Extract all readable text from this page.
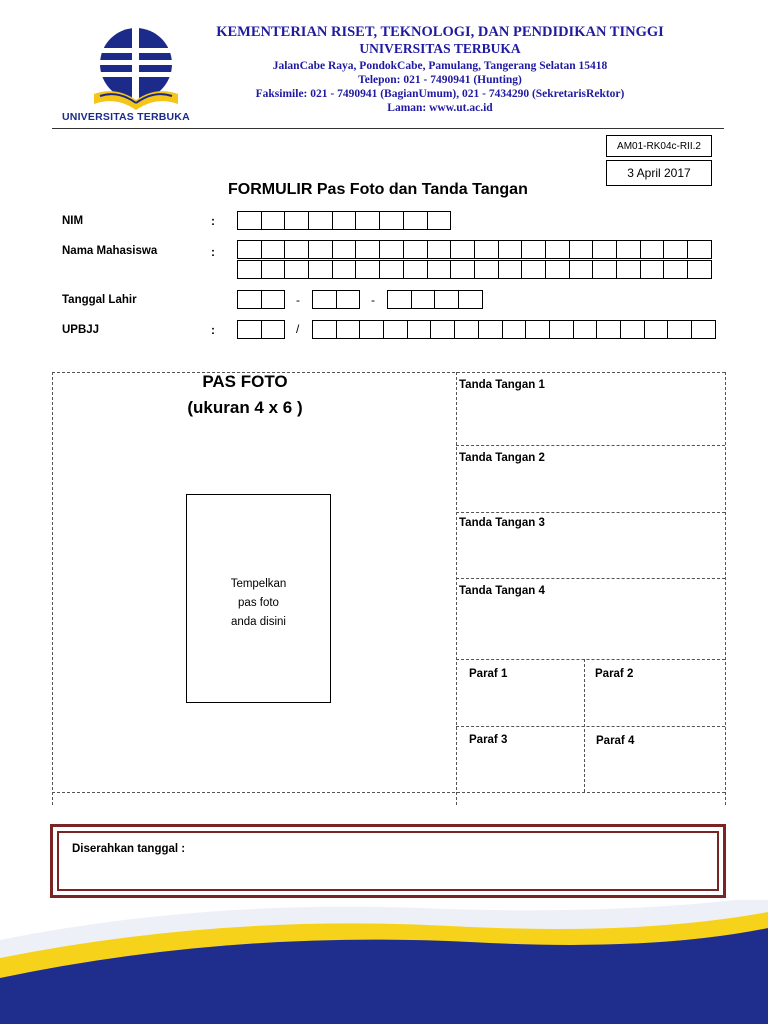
UNIVERSITAS TERBUKA
KEMENTERIAN RISET, TEKNOLOGI, DAN PENDIDIKAN TINGGI
UNIVERSITAS TERBUKA
JalanCabe Raya, PondokCabe, Pamulang, Tangerang Selatan 15418
Telepon: 021 - 7490941 (Hunting)
Faksimile: 021 - 7490941 (BagianUmum), 021 - 7434290 (SekretarisRektor)
Laman: www.ut.ac.id
AM01-RK04c-RII.2
3 April 2017
FORMULIR Pas Foto dan Tanda Tangan
NIM	:
Nama Mahasiswa	:
Tanggal Lahir	-	-
UPBJJ	:	/
PAS FOTO
(ukuran 4 x 6 )
Tempelkan
pas foto
anda disini
Tanda Tangan 1
Tanda Tangan 2
Tanda Tangan 3
Tanda Tangan 4
Paraf 1	Paraf 2
Paraf 3	Paraf 4
Diserahkan tanggal :
